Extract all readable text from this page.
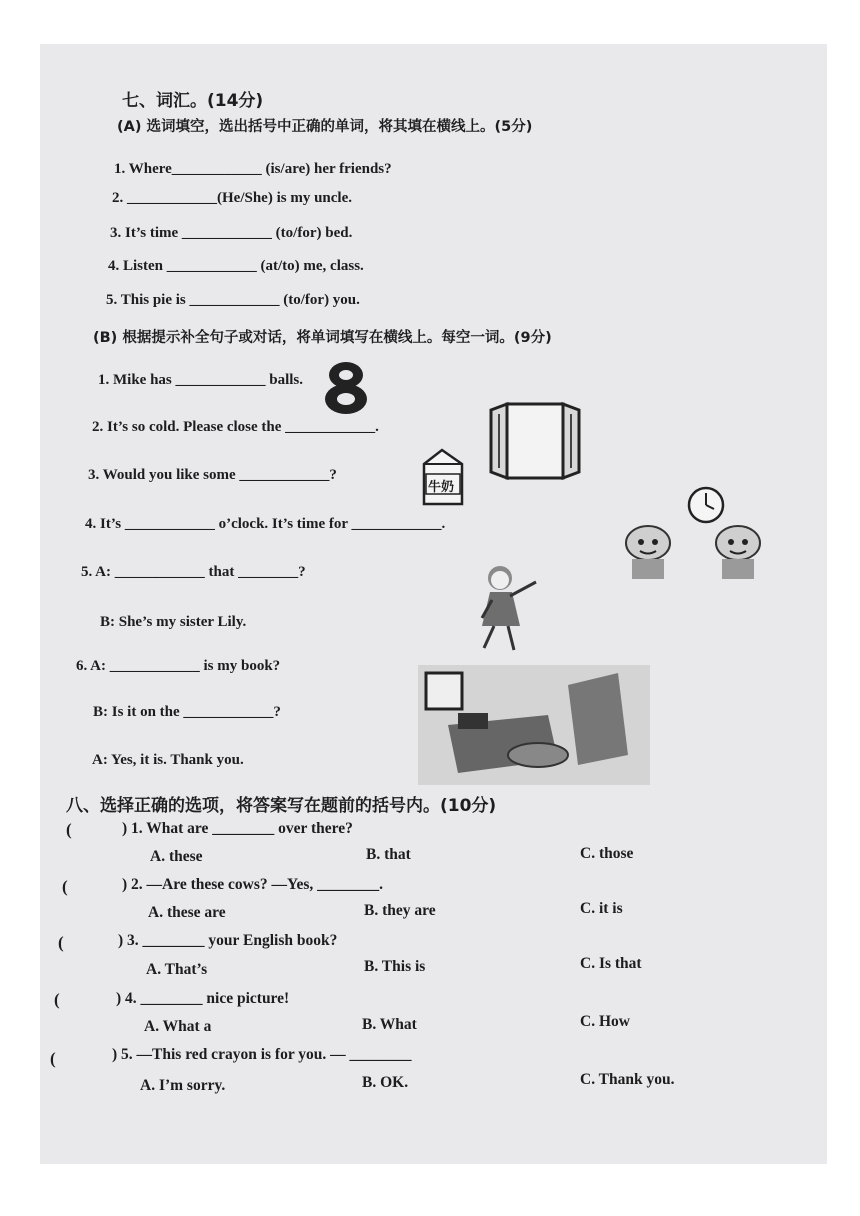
七、词汇。(14分)
(A) 选词填空，选出括号中正确的单词，将其填在横线上。(5分)
1. Where____________ (is/are) her friends?
2. ____________(He/She) is my uncle.
3. It’s time ____________ (to/for) bed.
4. Listen ____________ (at/to) me, class.
5. This pie is ____________ (to/for) you.
(B) 根据提示补全句子或对话，将单词填写在横线上。每空一词。(9分)
1. Mike has ____________ balls.
2. It’s so cold. Please close the ____________.
3. Would you like some ____________?
4. It’s ____________ o’clock. It’s time for ____________.
5. A: ____________ that ________?
B: She’s my sister Lily.
6. A: ____________ is my book?
B: Is it on the ____________?
A: Yes, it is. Thank you.
牛奶
八、选择正确的选项，将答案写在题前的括号内。(10分)
(	) 1. What are ________ over there?
A. these	B. that	C. those
(	) 2. —Are these cows? —Yes, ________.
A. these are	B. they are	C. it is
(	) 3. ________ your English book?
A. That’s	B. This is	C. Is that
(	) 4. ________ nice picture!
A. What a	B. What	C. How
(	) 5. —This red crayon is for you. — ________
A. I’m sorry.	B. OK.	C. Thank you.
